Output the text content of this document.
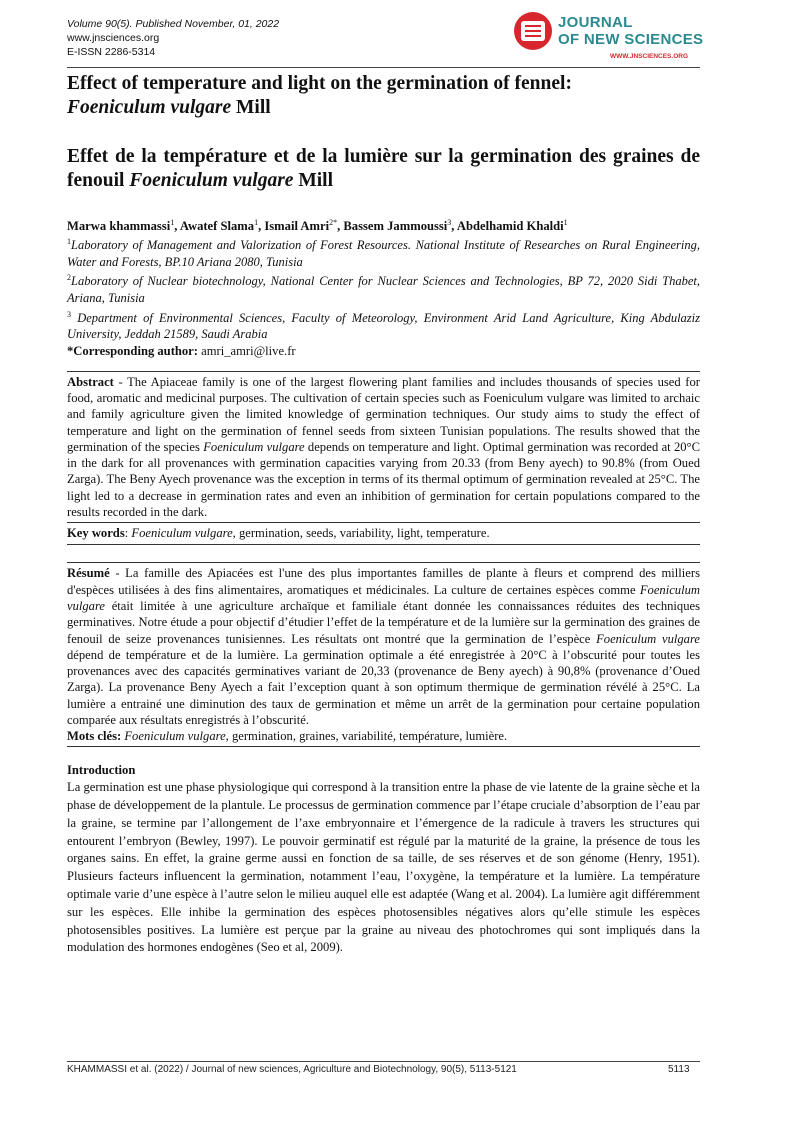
Volume 90(5). Published November, 01, 2022
www.jnsciences.org
E-ISSN 2286-5314
JOURNAL
OF NEW SCIENCES
WWW.JNSCIENCES.ORG
Effect of temperature and light on the germination of fennel:
Foeniculum vulgare Mill
Effet de la température et de la lumière sur la germination des graines de fenouil Foeniculum vulgare Mill
Marwa khammassi$^1$, Awatef Slama$^1$, Ismail Amri$^{2*}$, Bassem Jammoussi$^3$, Abdelhamid Khaldi$^1$
$^1$Laboratory of Management and Valorization of Forest Resources. National Institute of Researches on Rural Engineering, Water and Forests, BP.10 Ariana 2080, Tunisia
$^2$Laboratory of Nuclear biotechnology, National Center for Nuclear Sciences and Technologies, BP 72, 2020 Sidi Thabet, Ariana, Tunisia
$^3$ Department of Environmental Sciences, Faculty of Meteorology, Environment Arid Land Agriculture, King Abdulaziz University, Jeddah 21589, Saudi Arabia
*Corresponding author: amri_amri@live.fr
Abstract - The Apiaceae family is one of the largest flowering plant families and includes thousands of species used for food, aromatic and medicinal purposes. The cultivation of certain species such as Foeniculum vulgare was limited to archaic and family agriculture given the limited knowledge of germination techniques. Our study aims to study the effect of temperature and light on the germination of fennel seeds from sixteen Tunisian populations. The results showed that the germination of the species Foeniculum vulgare depends on temperature and light. Optimal germination was recorded at 20°C in the dark for all provenances with germination capacities varying from 20.33 (from Beny ayech) to 90.8% (from Oued Zarga). The Beny Ayech provenance was the exception in terms of its thermal optimum of germination revealed at 25°C. The light led to a decrease in germination rates and even an inhibition of germination for certain populations compared to the results recorded in the dark.
Key words: Foeniculum vulgare, germination, seeds, variability, light, temperature.
Résumé - La famille des Apiacées est l'une des plus importantes familles de plante à fleurs et comprend des milliers d'espèces utilisées à des fins alimentaires, aromatiques et médicinales. La culture de certaines espèces comme Foeniculum vulgare était limitée à une agriculture archaïque et familiale étant donnée les connaissances réduites des techniques germinatives. Notre étude a pour objectif d’étudier l’effet de la température et de la lumière sur la germination des graines de fenouil de seize provenances tunisiennes. Les résultats ont montré que la germination de l’espèce Foeniculum vulgare dépend de température et de la lumière. La germination optimale a été enregistrée à 20°C à l’obscurité pour toutes les provenances avec des capacités germinatives variant de 20,33 (provenance de Beny ayech) à 90,8% (provenance d’Oued Zarga). La provenance Beny Ayech a fait l’exception quant à son optimum thermique de germination révélé à 25°C. La lumière a entrainé une diminution des taux de germination et même un arrêt de la germination pour certaine population comparée aux résultats enregistrés à l’obscurité.
Mots clés: Foeniculum vulgare, germination, graines, variabilité, température, lumière.
Introduction
La germination est une phase physiologique qui correspond à la transition entre la phase de vie latente de la graine sèche et la phase de développement de la plantule. Le processus de germination commence par l’étape cruciale d’absorption de l’eau par la graine, se termine par l’allongement de l’axe embryonnaire et l’émergence de la radicule à travers les structures qui entourent l’embryon (Bewley, 1997). Le pouvoir germinatif est régulé par la maturité de la graine, la présence de tous les organes sains. En effet, la graine germe aussi en fonction de sa taille, de ses réserves et de son génome (Henry, 1951). Plusieurs facteurs influencent la germination, notamment l’eau, l’oxygène, la température et la lumière. La température optimale varie d’une espèce à l’autre selon le milieu auquel elle est adaptée (Wang et al. 2004). La lumière agit différemment sur les espèces. Elle inhibe la germination des espèces photosensibles négatives alors qu’elle stimule les espèces photosensibles positives. La lumière est perçue par la graine au niveau des photochromes qui sont impliqués dans la modulation des hormones endogènes (Seo et al, 2009).
KHAMMASSI et al. (2022) / Journal of new sciences, Agriculture and Biotechnology, 90(5), 5113-5121	5113
